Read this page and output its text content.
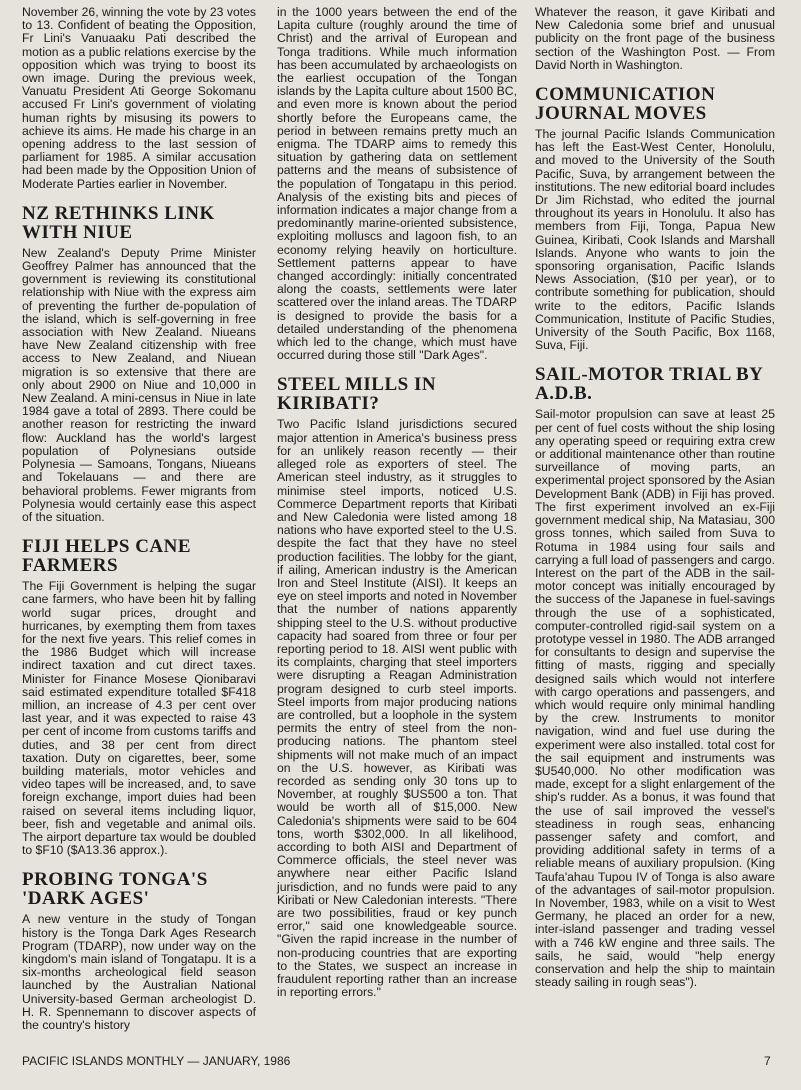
November 26, winning the vote by 23 votes to 13. Confident of beating the Opposition, Fr Lini's Vanuaaku Pati described the motion as a public relations exercise by the opposition which was trying to boost its own image. During the previous week, Vanuatu President Ati George Sokomanu accused Fr Lini's government of violating human rights by misusing its powers to achieve its aims. He made his charge in an opening address to the last session of parliament for 1985. A similar accusation had been made by the Opposition Union of Moderate Parties earlier in November.

NZ RETHINKS LINK WITH NIUE

New Zealand's Deputy Prime Minister Geoffrey Palmer has announced that the government is reviewing its constitutional relationship with Niue with the express aim of preventing the further de-population of the island, which is self-governing in free association with New Zealand. Niueans have New Zealand citizenship with free access to New Zealand, and Niuean migration is so extensive that there are only about 2900 on Niue and 10,000 in New Zealand. A mini-census in Niue in late 1984 gave a total of 2893. There could be another reason for restricting the inward flow: Auckland has the world's largest population of Polynesians outside Polynesia — Samoans, Tongans, Niueans and Tokelauans — and there are behavioral problems. Fewer migrants from Polynesia would certainly ease this aspect of the situation.

FIJI HELPS CANE FARMERS

The Fiji Government is helping the sugar cane farmers, who have been hit by falling world sugar prices, drought and hurricanes, by exempting them from taxes for the next five years. This relief comes in the 1986 Budget which will increase indirect taxation and cut direct taxes. Minister for Finance Mosese Qionibaravi said estimated expenditure totalled $F418 million, an increase of 4.3 per cent over last year, and it was expected to raise 43 per cent of income from customs tariffs and duties, and 38 per cent from direct taxation. Duty on cigarettes, beer, some building materials, motor vehicles and video tapes will be increased, and, to save foreign exchange, import duies had been raised on several items including liquor, beer, fish and vegetable and animal oils. The airport departure tax would be doubled to $F10 ($A13.36 approx.).

PROBING TONGA'S 'DARK AGES'

A new venture in the study of Tongan history is the Tonga Dark Ages Research Program (TDARP), now under way on the kingdom's main island of Tongatapu. It is a six-months archeological field season launched by the Australian National University-based German archeologist D. H. R. Spennemann to discover aspects of the country's history

in the 1000 years between the end of the Lapita culture (roughly around the time of Christ) and the arrival of European and Tonga traditions. While much information has been accumulated by archaeologists on the earliest occupation of the Tongan islands by the Lapita culture about 1500 BC, and even more is known about the period shortly before the Europeans came, the period in between remains pretty much an enigma. The TDARP aims to remedy this situation by gathering data on settlement patterns and the means of subsistence of the population of Tongatapu in this period. Analysis of the existing bits and pieces of information indicates a major change from a predominantly marine-oriented subsistence, exploiting molluscs and lagoon fish, to an economy relying heavily on horticulture. Settlement patterns appear to have changed accordingly: initially concentrated along the coasts, settlements were later scattered over the inland areas. The TDARP is designed to provide the basis for a detailed understanding of the phenomena which led to the change, which must have occurred during those still "Dark Ages".

STEEL MILLS IN KIRIBATI?

Two Pacific Island jurisdictions secured major attention in America's business press for an unlikely reason recently — their alleged role as exporters of steel. The American steel industry, as it struggles to minimise steel imports, noticed U.S. Commerce Department reports that Kiribati and New Caledonia were listed among 18 nations who have exported steel to the U.S. despite the fact that they have no steel production facilities. The lobby for the giant, if ailing, American industry is the American Iron and Steel Institute (AISI). It keeps an eye on steel imports and noted in November that the number of nations apparently shipping steel to the U.S. without productive capacity had soared from three or four per reporting period to 18. AISI went public with its complaints, charging that steel importers were disrupting a Reagan Administration program designed to curb steel imports. Steel imports from major producing nations are controlled, but a loophole in the system permits the entry of steel from the non-producing nations. The phantom steel shipments will not make much of an impact on the U.S. however, as Kiribati was recorded as sending only 30 tons up to November, at roughly $US500 a ton. That would be worth all of $15,000. New Caledonia's shipments were said to be 604 tons, worth $302,000. In all likelihood, according to both AISI and Department of Commerce officials, the steel never was anywhere near either Pacific Island jurisdiction, and no funds were paid to any Kiribati or New Caledonian interests. "There are two possibilities, fraud or key punch error," said one knowledgeable source. "Given the rapid increase in the number of non-producing countries that are exporting to the States, we suspect an increase in fraudulent reporting rather than an increase in reporting errors."

Whatever the reason, it gave Kiribati and New Caledonia some brief and unusual publicity on the front page of the business section of the Washington Post. — From David North in Washington.

COMMUNICATION JOURNAL MOVES

The journal Pacific Islands Communication has left the East-West Center, Honolulu, and moved to the University of the South Pacific, Suva, by arrangement between the institutions. The new editorial board includes Dr Jim Richstad, who edited the journal throughout its years in Honolulu. It also has members from Fiji, Tonga, Papua New Guinea, Kiribati, Cook Islands and Marshall Islands. Anyone who wants to join the sponsoring organisation, Pacific Islands News Association, ($10 per year), or to contribute something for publication, should write to the editors, Pacific Islands Communication, Institute of Pacific Studies, University of the South Pacific, Box 1168, Suva, Fiji.

SAIL-MOTOR TRIAL BY A.D.B.

Sail-motor propulsion can save at least 25 per cent of fuel costs without the ship losing any operating speed or requiring extra crew or additional maintenance other than routine surveillance of moving parts, an experimental project sponsored by the Asian Development Bank (ADB) in Fiji has proved. The first experiment involved an ex-Fiji government medical ship, Na Matasiau, 300 gross tonnes, which sailed from Suva to Rotuma in 1984 using four sails and carrying a full load of passengers and cargo. Interest on the part of the ADB in the sail-motor concept was initially encouraged by the success of the Japanese in fuel-savings through the use of a sophisticated, computer-controlled rigid-sail system on a prototype vessel in 1980. The ADB arranged for consultants to design and supervise the fitting of masts, rigging and specially designed sails which would not interfere with cargo operations and passengers, and which would require only minimal handling by the crew. Instruments to monitor navigation, wind and fuel use during the experiment were also installed. total cost for the sail equipment and instruments was $U540,000. No other modification was made, except for a slight enlargement of the ship's rudder. As a bonus, it was found that the use of sail improved the vessel's steadiness in rough seas, enhancing passenger safety and comfort, and providing additional safety in terms of a reliable means of auxiliary propulsion. (King Taufa'ahau Tupou IV of Tonga is also aware of the advantages of sail-motor propulsion. In November, 1983, while on a visit to West Germany, he placed an order for a new, inter-island passenger and trading vessel with a 746 kW engine and three sails. The sails, he said, would "help energy conservation and help the ship to maintain steady sailing in rough seas").

PACIFIC ISLANDS MONTHLY — JANUARY, 1986	7
